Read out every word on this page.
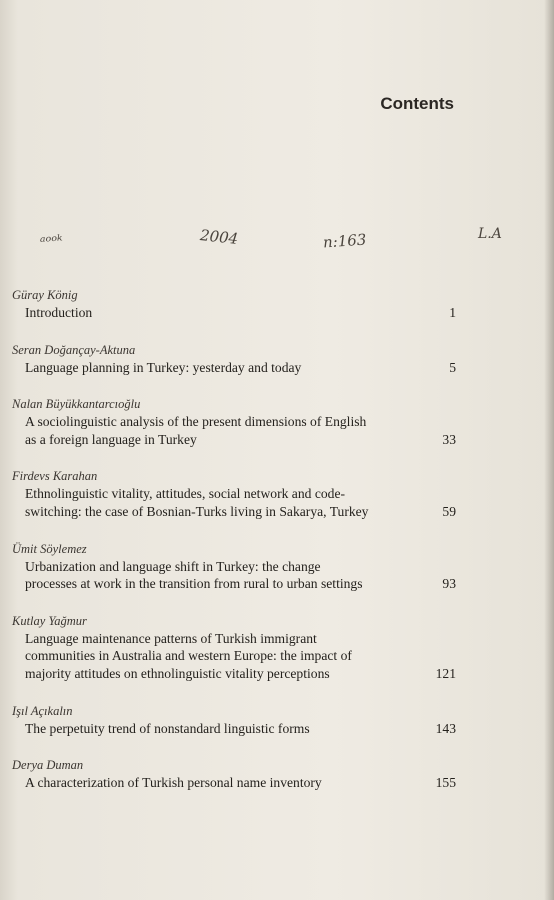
Contents
ᵃᵒᵒᵏ	2004	n:163	L.A
Güray König
Introduction	1
Seran Doğançay-Aktuna
Language planning in Turkey: yesterday and today	5
Nalan Büyükkantarcıoğlu
A sociolinguistic analysis of the present dimensions of English
as a foreign language in Turkey	33
Firdevs Karahan
Ethnolinguistic vitality, attitudes, social network and code-
switching: the case of Bosnian-Turks living in Sakarya, Turkey	59
Ümit Söylemez
Urbanization and language shift in Turkey: the change
processes at work in the transition from rural to urban settings	93
Kutlay Yağmur
Language maintenance patterns of Turkish immigrant
communities in Australia and western Europe: the impact of
majority attitudes on ethnolinguistic vitality perceptions	121
Işıl Açıkalın
The perpetuity trend of nonstandard linguistic forms	143
Derya Duman
A characterization of Turkish personal name inventory	155
